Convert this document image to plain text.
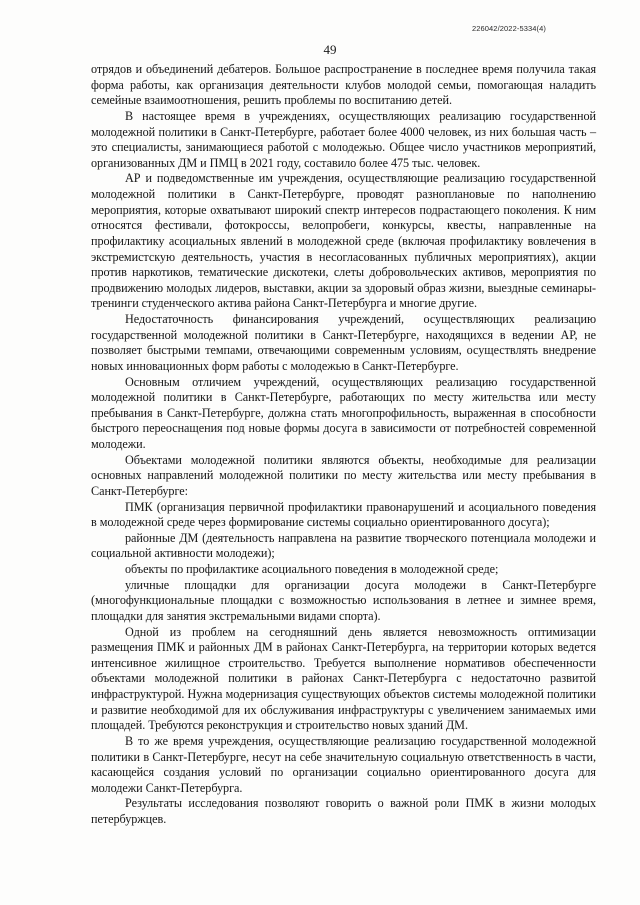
226042/2022-5334(4)
49

отрядов и объединений дебатеров. Большое распространение в последнее время получила такая форма работы, как организация деятельности клубов молодой семьи, помогающая наладить семейные взаимоотношения, решить проблемы по воспитанию детей.

В настоящее время в учреждениях, осуществляющих реализацию государственной молодежной политики в Санкт-Петербурге, работает более 4000 человек, из них большая часть – это специалисты, занимающиеся работой с молодежью. Общее число участников мероприятий, организованных ДМ и ПМЦ в 2021 году, составило более 475 тыс. человек.

АР и подведомственные им учреждения, осуществляющие реализацию государственной молодежной политики в Санкт-Петербурге, проводят разноплановые по наполнению мероприятия, которые охватывают широкий спектр интересов подрастающего поколения. К ним относятся фестивали, фотокроссы, велопробеги, конкурсы, квесты, направленные на профилактику асоциальных явлений в молодежной среде (включая профилактику вовлечения в экстремистскую деятельность, участия в несогласованных публичных мероприятиях), акции против наркотиков, тематические дискотеки, слеты добровольческих активов, мероприятия по продвижению молодых лидеров, выставки, акции за здоровый образ жизни, выездные семинары-тренинги студенческого актива района Санкт-Петербурга и многие другие.

Недостаточность финансирования учреждений, осуществляющих реализацию государственной молодежной политики в Санкт-Петербурге, находящихся в ведении АР, не позволяет быстрыми темпами, отвечающими современным условиям, осуществлять внедрение новых инновационных форм работы с молодежью в Санкт-Петербурге.

Основным отличием учреждений, осуществляющих реализацию государственной молодежной политики в Санкт-Петербурге, работающих по месту жительства или месту пребывания в Санкт-Петербурге, должна стать многопрофильность, выраженная в способности быстрого переоснащения под новые формы досуга в зависимости от потребностей современной молодежи.

Объектами молодежной политики являются объекты, необходимые для реализации основных направлений молодежной политики по месту жительства или месту пребывания в Санкт-Петербурге:

ПМК (организация первичной профилактики правонарушений и асоциального поведения в молодежной среде через формирование системы социально ориентированного досуга);

районные ДМ (деятельность направлена на развитие творческого потенциала молодежи и социальной активности молодежи);

объекты по профилактике асоциального поведения в молодежной среде;

уличные площадки для организации досуга молодежи в Санкт-Петербурге (многофункциональные площадки с возможностью использования в летнее и зимнее время, площадки для занятия экстремальными видами спорта).

Одной из проблем на сегодняшний день является невозможность оптимизации размещения ПМК и районных ДМ в районах Санкт-Петербурга, на территории которых ведется интенсивное жилищное строительство. Требуется выполнение нормативов обеспеченности объектами молодежной политики в районах Санкт-Петербурга с недостаточно развитой инфраструктурой. Нужна модернизация существующих объектов системы молодежной политики и развитие необходимой для их обслуживания инфраструктуры с увеличением занимаемых ими площадей. Требуются реконструкция и строительство новых зданий ДМ.

В то же время учреждения, осуществляющие реализацию государственной молодежной политики в Санкт-Петербурге, несут на себе значительную социальную ответственность в части, касающейся создания условий по организации социально ориентированного досуга для молодежи Санкт-Петербурга.

Результаты исследования позволяют говорить о важной роли ПМК в жизни молодых петербуржцев.
